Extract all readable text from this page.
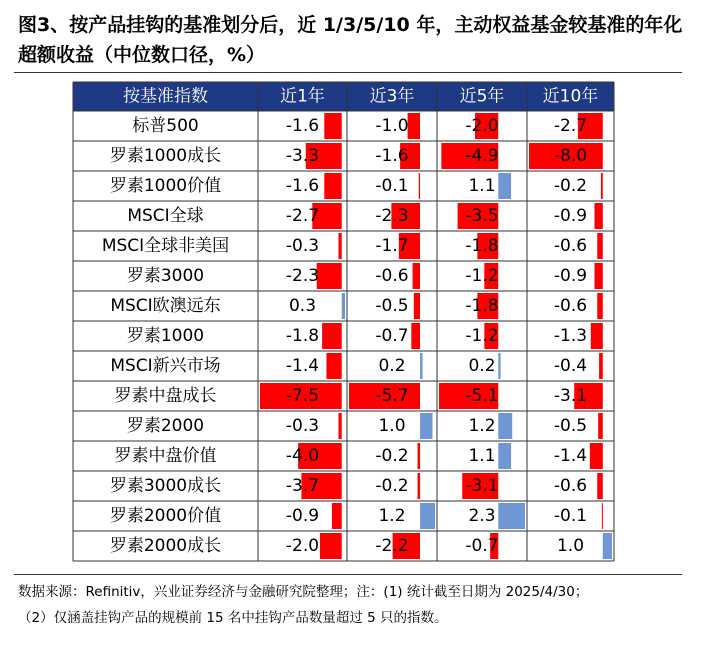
图3、按产品挂钩的基准划分后，近 1/3/5/10 年，主动权益基金较基准的年化
超额收益（中位数口径，%）
按基准指数	近1年	近3年	近5年 近10年
标普500	-1.6	-1.0	-2.0	-2.7
罗素1000成长	-3.3	-1.6	-4.9	-8.0
罗素1000价值	-1.6	-0.1	1.1	-0.2
MSCI全球	-2.7	-2.3	-3.5	-0.9
MSCI全球非美国	-0.3	-1.7	-1.8	-0.6
罗素3000	-2.3	-0.6	-1.2	-0.9
MSCI欧澳远东	0.3	-0.5	-1.8	-0.6
罗素1000	-1.8	-0.7	-1.2	-1.3
MSCI新兴市场	-1.4	0.2	0.2	-0.4
罗素中盘成长	-7.5	-5.7	-5.1	-3.1
罗素2000	-0.3	1.0	1.2	-0.5
罗素中盘价值	-4.0	-0.2	1.1	-1.4
罗素3000成长	-3.7	-0.2	-3.1	-0.6
罗素2000价值	-0.9	1.2	2.3	-0.1
罗素2000成长	-2.0	-2.2	-0.7	1.0
数据来源：Refinitiv，兴业证券经济与金融研究院整理；注：(1) 统计截至日期为 2025/4/30；
（2）仅涵盖挂钩产品的规模前 15 名中挂钩产品数量超过 5 只的指数。
